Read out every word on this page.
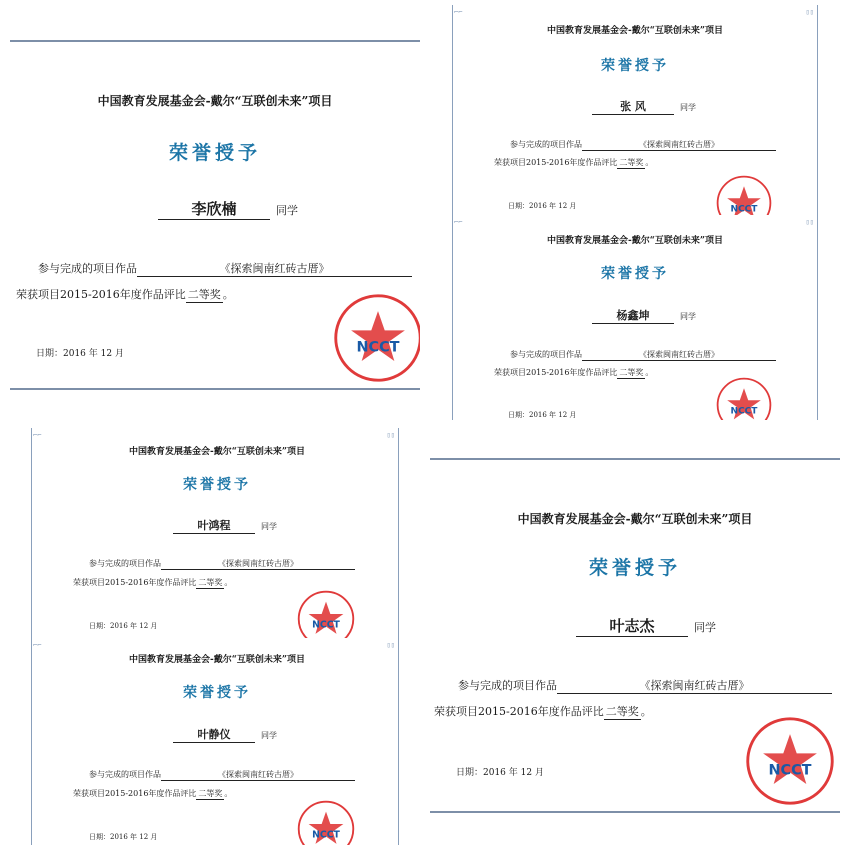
中国教育发展基金会-戴尔“互联创未来”项目
荣誉授予
李欣楠	同学
参与完成的项目作品	《探索闽南红砖古厝》
荣获项目2015-2016年度作品评比 二等奖 。
日期：2016 年 12 月	NCCT
⌐⌐	▯▯
中国教育发展基金会-戴尔“互联创未来”项目
荣誉授予
张 风	同学
参与完成的项目作品	《探索闽南红砖古厝》
荣获项目2015-2016年度作品评比 二等奖 。
日期：2016 年 12 月	NCCT
⌐⌐	▯▯
中国教育发展基金会-戴尔“互联创未来”项目
荣誉授予
杨鑫坤	同学
参与完成的项目作品	《探索闽南红砖古厝》
荣获项目2015-2016年度作品评比 二等奖 。
日期：2016 年 12 月	NCCT
⌐⌐	▯▯
中国教育发展基金会-戴尔“互联创未来”项目
荣誉授予
叶鸿程	同学
参与完成的项目作品	《探索闽南红砖古厝》
荣获项目2015-2016年度作品评比 二等奖 。
日期：2016 年 12 月	NCCT
⌐⌐	▯▯
中国教育发展基金会-戴尔“互联创未来”项目
荣誉授予
叶静仪	同学
参与完成的项目作品	《探索闽南红砖古厝》
荣获项目2015-2016年度作品评比 二等奖 。
日期：2016 年 12 月	NCCT
中国教育发展基金会-戴尔“互联创未来”项目
荣誉授予
叶志杰	同学
参与完成的项目作品	《探索闽南红砖古厝》
荣获项目2015-2016年度作品评比 二等奖 。
日期：2016 年 12 月	NCCT
